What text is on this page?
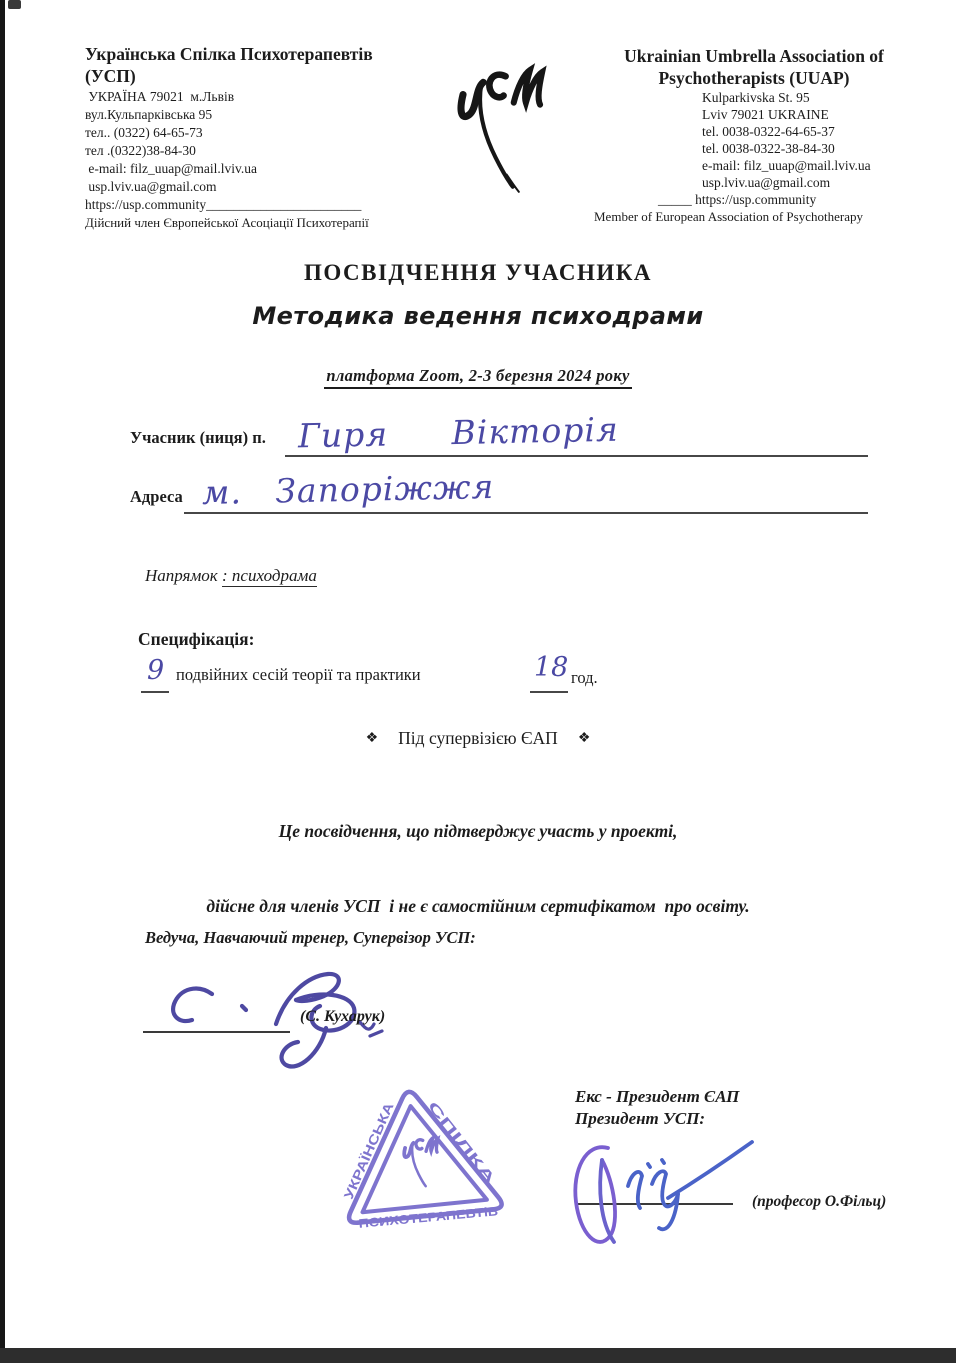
Українська Спілка Психотерапевтів
(УСП)
УКРАЇНА 79021  м.Львів
вул.Кульпарківська 95
тел.. (0322) 64-65-73
тел .(0322)38-84-30
e-mail: filz_uuap@mail.lviv.ua
usp.lviv.ua@gmail.com
https://usp.community_______________________
Дійсний член Європейської Асоціації Психотерапії
Ukrainian Umbrella Association of
Psychotherapists (UUAP)
Kulparkivska St. 95
Lviv 79021 UKRAINE
tel. 0038-0322-64-65-37
tel. 0038-0322-38-84-30
e-mail: filz_uuap@mail.lviv.ua
usp.lviv.ua@gmail.com
_____ https://usp.community
Member of European Association of Psychotherapy
ПОСВІДЧЕННЯ УЧАСНИКА
Методика ведення психодрами
платформа Zoom, 2-3 березня 2024 року
Учасник (ниця) п. Гиря Вікторія
Адреса м. Запоріжжя
Напрямок : психодрама
Специфікація:
9 подвійних сесій теорії та практики	18 год.
❖ Під супервізією ЄАП ❖

Це посвідчення, що підтверджує участь у проекті,

дійсне для членів УСП  і не є самостійним сертифікатом  про освіту.

Ведуча, Навчаючий тренер, Супервізор УСП:
(С. Кухарук)
УКРАЇНСЬКА СПІЛКА
ПСИХОТЕРАПЕВТіВ
Екс - Президент ЄАП
Президент УСП:
(професор О.Фільц)
